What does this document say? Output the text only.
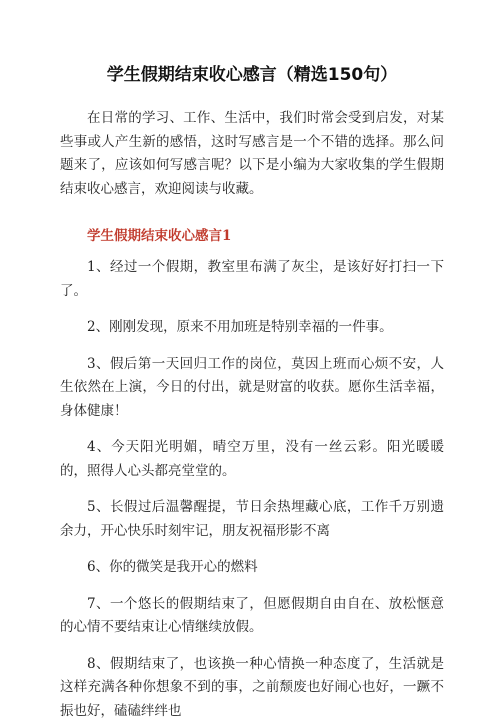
学生假期结束收心感言（精选150句）

在日常的学习、工作、生活中，我们时常会受到启发，对某些事或人产生新的感悟，这时写感言是一个不错的选择。那么问题来了，应该如何写感言呢？以下是小编为大家收集的学生假期结束收心感言，欢迎阅读与收藏。

学生假期结束收心感言1

1、经过一个假期，教室里布满了灰尘，是该好好打扫一下了。

2、刚刚发现，原来不用加班是特别幸福的一件事。

3、假后第一天回归工作的岗位，莫因上班而心烦不安，人生依然在上演，今日的付出，就是财富的收获。愿你生活幸福，身体健康！

4、今天阳光明媚，晴空万里，没有一丝云彩。阳光暖暖的，照得人心头都亮堂堂的。

5、长假过后温馨醒提，节日余热埋藏心底，工作千万别遗余力，开心快乐时刻牢记，朋友祝福形影不离

6、你的微笑是我开心的燃料

7、一个悠长的假期结束了，但愿假期自由自在、放松惬意的心情不要结束让心情继续放假。

8、假期结束了，也该换一种心情换一种态度了，生活就是这样充满各种你想象不到的事，之前颓废也好闹心也好，一蹶不振也好，磕磕绊绊也
